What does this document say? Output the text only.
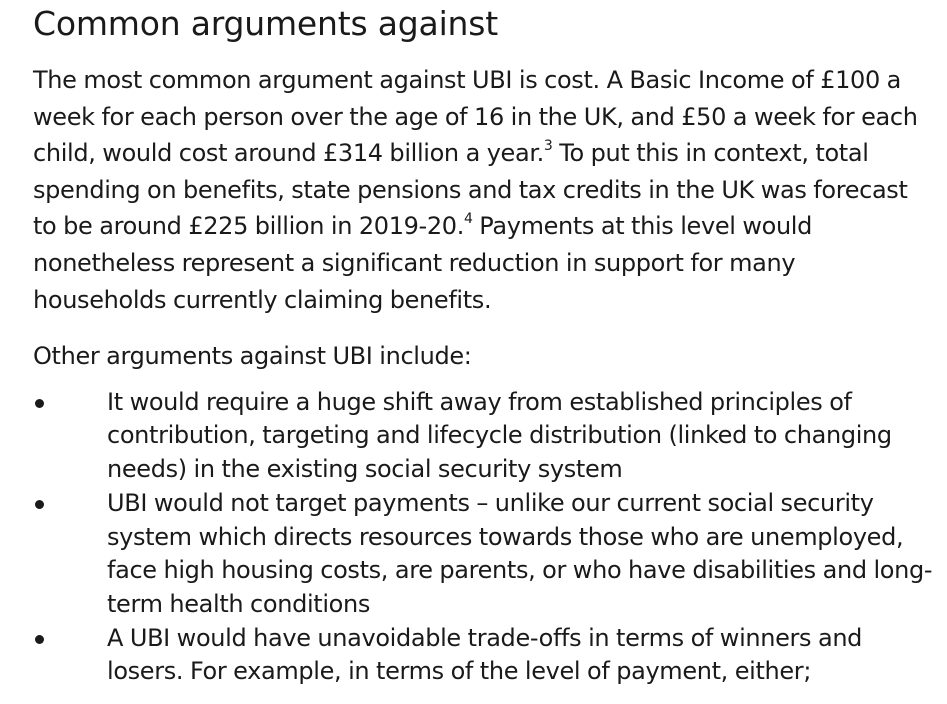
Common arguments against

The most common argument against UBI is cost. A Basic Income of £100 a week for each person over the age of 16 in the UK, and £50 a week for each child, would cost around £314 billion a year.$^3$ To put this in context, total spending on benefits, state pensions and tax credits in the UK was forecast to be around £225 billion in 2019-20.$^4$ Payments at this level would nonetheless represent a significant reduction in support for many households currently claiming benefits.

Other arguments against UBI include:

It would require a huge shift away from established principles of contribution, targeting and lifecycle distribution (linked to changing needs) in the existing social security system
UBI would not target payments – unlike our current social security system which directs resources towards those who are unemployed, face high housing costs, are parents, or who have disabilities and long-term health conditions
A UBI would have unavoidable trade-offs in terms of winners and losers. For example, in terms of the level of payment, either;
